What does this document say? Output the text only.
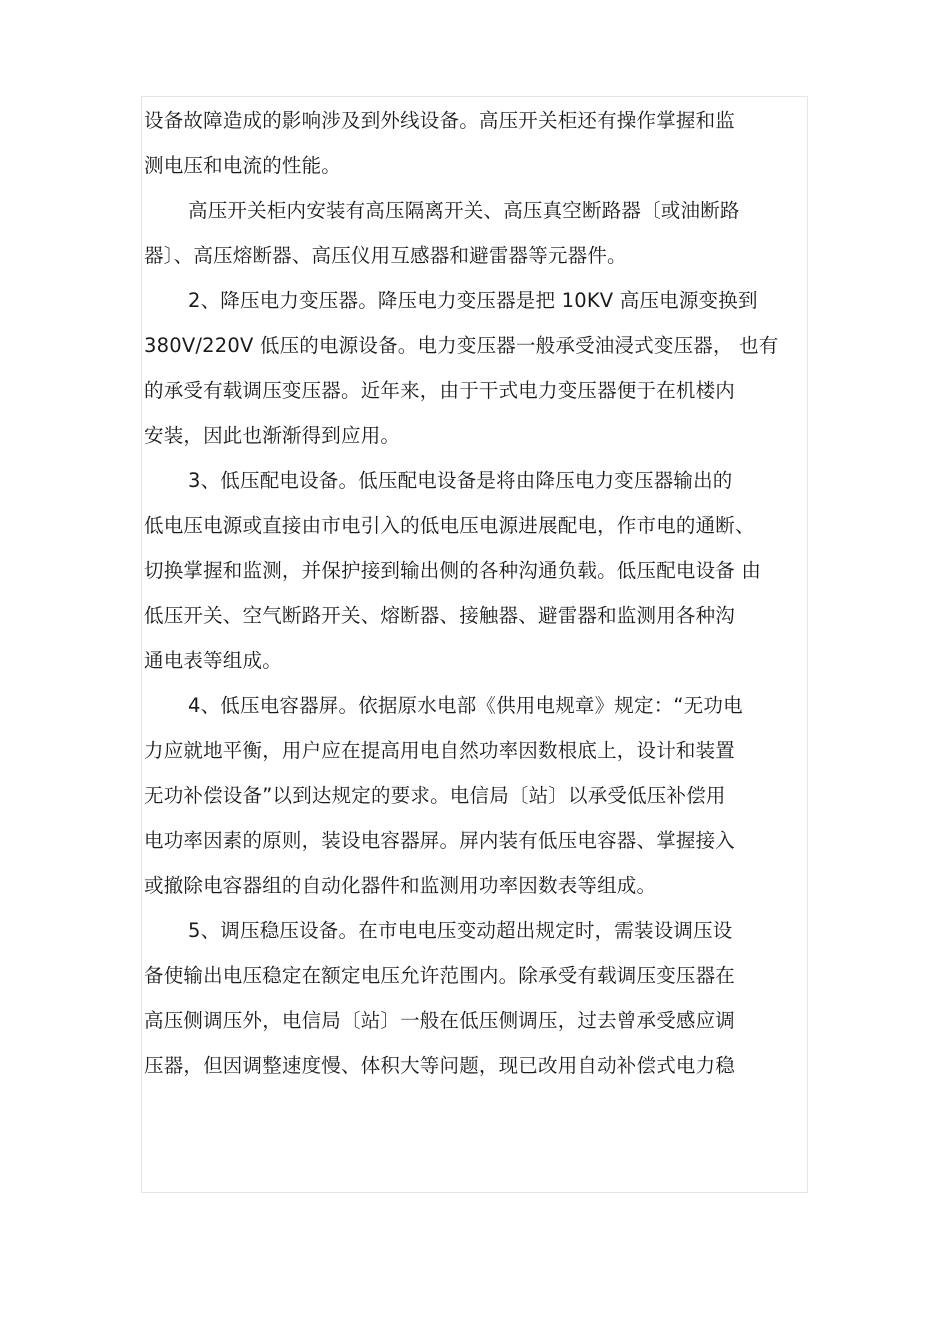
设备故障造成的影响涉及到外线设备。高压开关柜还有操作掌握和监
测电压和电流的性能。
高压开关柜内安装有高压隔离开关、高压真空断路器〔或油断路
器〕、高压熔断器、高压仪用互感器和避雷器等元器件。
2、降压电力变压器。降压电力变压器是把 10KV 高压电源变换到
380V/220V 低压的电源设备。电力变压器一般承受油浸式变压器， 也有
的承受有载调压变压器。近年来，由于干式电力变压器便于在机楼内
安装，因此也渐渐得到应用。
3、低压配电设备。低压配电设备是将由降压电力变压器输出的
低电压电源或直接由市电引入的低电压电源进展配电，作市电的通断、
切换掌握和监测，并保护接到输出侧的各种沟通负载。低压配电设备 由
低压开关、空气断路开关、熔断器、接触器、避雷器和监测用各种沟
通电表等组成。
4、低压电容器屏。依据原水电部《供用电规章》规定：“无功电
力应就地平衡，用户应在提高用电自然功率因数根底上，设计和装置
无功补偿设备”以到达规定的要求。电信局〔站〕以承受低压补偿用
电功率因素的原则，装设电容器屏。屏内装有低压电容器、掌握接入
或撤除电容器组的自动化器件和监测用功率因数表等组成。
5、调压稳压设备。在市电电压变动超出规定时，需装设调压设
备使输出电压稳定在额定电压允许范围内。除承受有载调压变压器在
高压侧调压外，电信局〔站〕一般在低压侧调压，过去曾承受感应调
压器，但因调整速度慢、体积大等问题，现已改用自动补偿式电力稳
